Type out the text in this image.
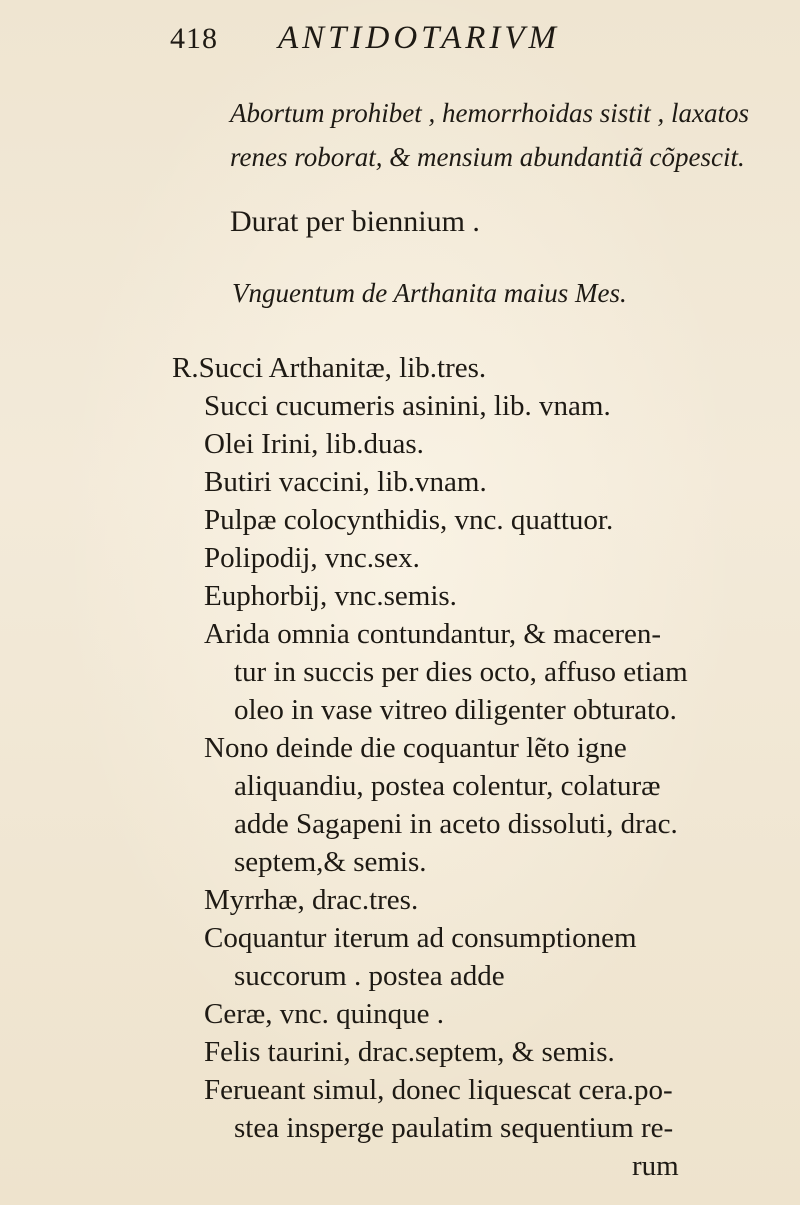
418 ANTIDOTARIVM
Abortum prohibet , hemorrhoidas sistit , laxatos
renes roborat, & mensium abundantiã cõpescit.
Durat per biennium .
Vnguentum de Arthanita maius Mes.
R.Succi Arthanitæ, lib.tres.
Succi cucumeris asinini, lib. vnam.
Olei Irini, lib.duas.
Butiri vaccini, lib.vnam.
Pulpæ colocynthidis, vnc. quattuor.
Polipodij, vnc.sex.
Euphorbij, vnc.semis.
Arida omnia contundantur, & maceren-
tur in succis per dies octo, affuso etiam
oleo in vase vitreo diligenter obturato.
Nono deinde die coquantur lẽto igne
aliquandiu, postea colentur, colaturæ
adde Sagapeni in aceto dissoluti, drac.
septem,& semis.
Myrrhæ, drac.tres.
Coquantur iterum ad consumptionem
succorum . postea adde
Ceræ, vnc. quinque .
Felis taurini, drac.septem, & semis.
Ferueant simul, donec liquescat cera.po-
stea insperge paulatim sequentium re-
rum
